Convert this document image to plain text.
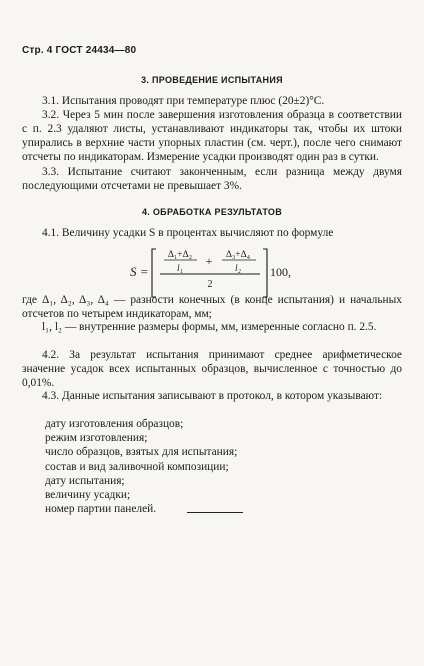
Стр. 4 ГОСТ 24434—80
3. ПРОВЕДЕНИЕ ИСПЫТАНИЯ
3.1. Испытания проводят при температуре плюс (20±2)°С.
3.2. Через 5 мин после завершения изготовления образца в соответствии с п. 2.3 удаляют листы, устанавливают индикаторы так, чтобы их штоки упирались в верхние части упорных пластин (см. черт.), после чего снимают отсчеты по индикаторам. Измерение усадки производят один раз в сутки.
3.3. Испытание считают законченным, если разница между двумя последующими отсчетами не превышает 3%.
4. ОБРАБОТКА РЕЗУЛЬТАТОВ
4.1. Величину усадки S в процентах вычисляют по формуле
S =
Δ₁+Δ₂
l₁
+ Δ₃+Δ₄
l₂
2
100,
где Δ₁, Δ₂, Δ₃, Δ₄ — разности конечных (в конце испытания) и начальных отсчетов по четырем индикаторам, мм;
l₁, l₂ — внутренние размеры формы, мм, измеренные согласно п. 2.5.
4.2. За результат испытания принимают среднее арифметическое значение усадок всех испытанных образцов, вычисленное с точностью до 0,01%.
4.3. Данные испытания записывают в протокол, в котором указывают:
дату изготовления образцов;
режим изготовления;
число образцов, взятых для испытания;
состав и вид заливочной композиции;
дату испытания;
величину усадки;
номер партии панелей.
